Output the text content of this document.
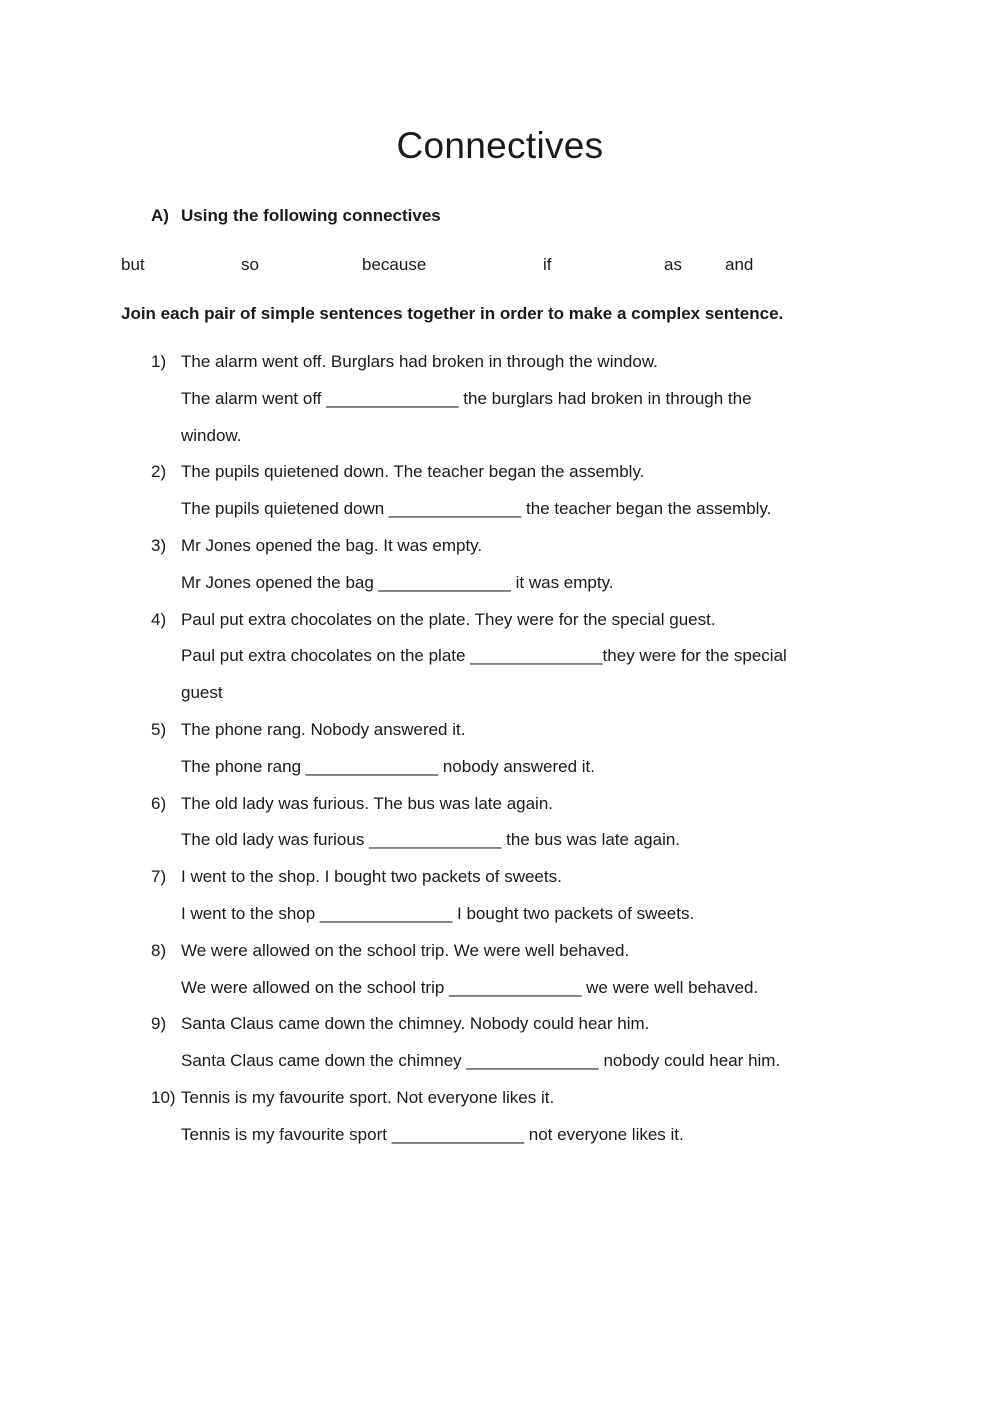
Connectives
A) Using the following connectives
but	so	because	if	as	and
Join each pair of simple sentences together in order to make a complex sentence.
1) The alarm went off. Burglars had broken in through the window.
The alarm went off ______________ the burglars had broken in through the
window.
2) The pupils quietened down. The teacher began the assembly.
The pupils quietened down ______________ the teacher began the assembly.
3) Mr Jones opened the bag. It was empty.
Mr Jones opened the bag ______________ it was empty.
4) Paul put extra chocolates on the plate. They were for the special guest.
Paul put extra chocolates on the plate ______________they were for the special
guest
5) The phone rang. Nobody answered it.
The phone rang ______________ nobody answered it.
6) The old lady was furious. The bus was late again.
The old lady was furious ______________ the bus was late again.
7) I went to the shop. I bought two packets of sweets.
I went to the shop ______________ I bought two packets of sweets.
8) We were allowed on the school trip. We were well behaved.
We were allowed on the school trip ______________ we were well behaved.
9) Santa Claus came down the chimney. Nobody could hear him.
Santa Claus came down the chimney ______________ nobody could hear him.
10) Tennis is my favourite sport. Not everyone likes it.
Tennis is my favourite sport ______________ not everyone likes it.
